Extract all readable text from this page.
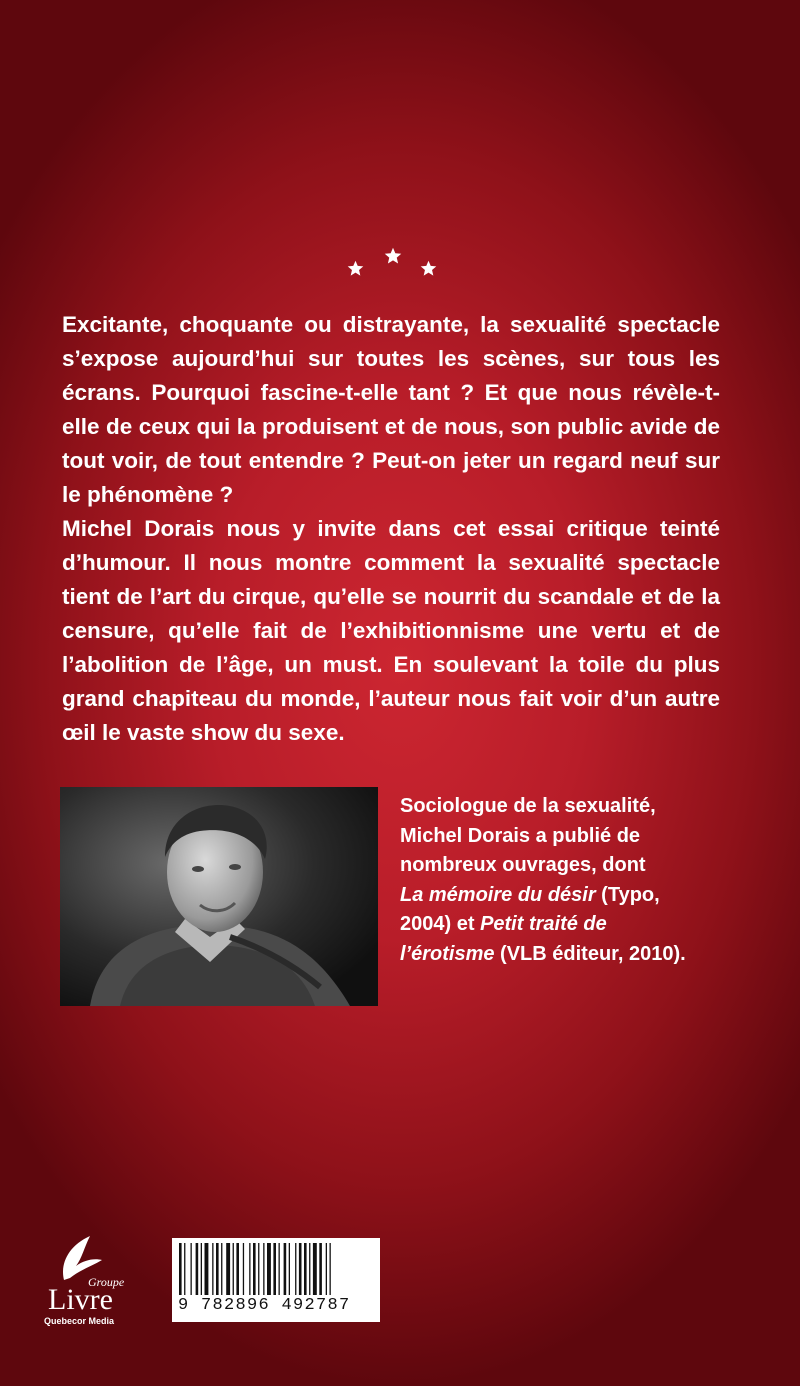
Excitante, choquante ou distrayante, la sexualité spectacle s’expose aujourd’hui sur toutes les scènes, sur tous les écrans. Pourquoi fascine-t-elle tant ? Et que nous révèle-t-elle de ceux qui la produisent et de nous, son public avide de tout voir, de tout entendre ? Peut-on jeter un regard neuf sur le phénomène ?

Michel Dorais nous y invite dans cet essai critique teinté d’humour. Il nous montre comment la sexualité spectacle tient de l’art du cirque, qu’elle se nourrit du scandale et de la censure, qu’elle fait de l’exhibitionnisme une vertu et de l’abolition de l’âge, un must. En soulevant la toile du plus grand chapiteau du monde, l’auteur nous fait voir d’un autre œil le vaste show du sexe.

Sociologue de la sexualité,
Michel Dorais a publié de
nombreux ouvrages, dont
La mémoire du désir (Typo,
2004) et Petit traité de
l’érotisme (VLB éditeur, 2010).
Groupe
Livre
Quebecor Media
9 782896 492787
